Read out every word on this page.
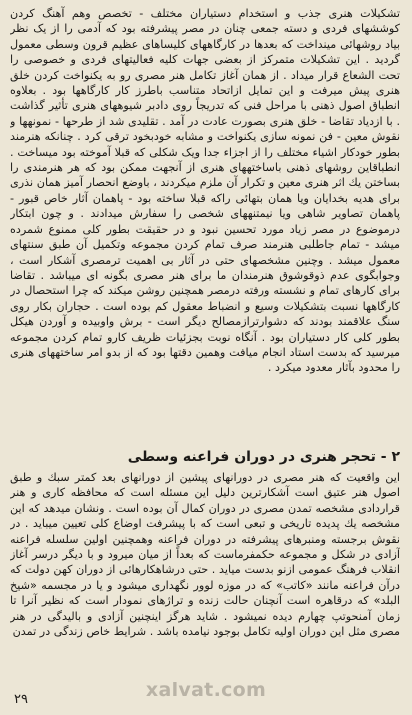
تشکیلات هنری جذب و استخدام دستیاران مختلف - تخصص وهم آهنگ کردن کوششهای فردی و دسته جمعی چنان در مصر پیشرفته بود که آدمی را از یک نظر بیاد روشهائی مینداخت که بعدها در کارگاههای کلیساهای عظیم قرون وسطی معمول گردید . این تشکیلات متمرکز از بعضی جهات کلیه فعالیتهای فردی و خصوصی را تحت الشعاع قرار میداد . از همان آغاز تکامل هنر مصری رو به یکنواخت کردن خلق هنری پیش میرفت و این تمایل ازاتحاد متناسب باطرز کار کارگاهها بود . بعلاوه انطباق اصول ذهنی با مراحل فنی که تدریجاً روی دادبر شیوههای هنری تأثیر گذاشت . با ازدیاد تقاضا - خلق هنری بصورت عادت در آمد . تقلیدی شد از طرحها - نمونهها و نقوش معین - فن نمونه سازی یکنواخت و مشابه خودبخود ترقی کرد . چنانکه هنرمند بطور خودکار اشیاء مختلف را از اجزاء جدا ویک شکلی که قبلا آموخته بود میساخت . انطباقاین روشهای ذهنی باساختههای هنری از آنجهت ممکن بود که هر هنرمندی را بساختن یك اثر هنری معین و تکرار آن ملزم میکردند ، باوضع انحصار آمیز همان نذری برای هدیه بخدایان ویا همان بتهائی راکه قبلا ساخته بود - پاهمان آثار خاص قبور - پاهمان تصاویر شاهی ویا نیمتنههای شخصی را سفارش میدادند . و چون ابتکار درموضوع در مصر زیاد مورد تحسین نبود و در حقیقت بطور کلی ممنوع شمرده میشد - تمام جاطلبی هنرمند صرف تمام کردن مجموعه وتکمیل آن طبق سنتهای معمول میشد . وچنین مشخصهای حتی در آثار بی اهمیت ترمصری آشکار است ، وجوابگوی عدم ذوقوشوق هنرمندان ما برای هنر مصری بگونه ای میباشد . تقاضا برای کارهای تمام و نشسته ورفته درمصر همچنین روشن میکند که چرا استحصال در کارگاهها نسبت بتشکیلات وسیع و انضباط معقول کم بوده است . حجاران بکار روی سنگ علاقمند بودند که دشوارترازمصالح دیگر است - برش واوبیده و آوردن هیکل بطور کلی کار دستیاران بود . آنگاه نوبت بجزئیات ظریف کارو تمام کردن مجموعه میرسید که بدست استاد انجام میافت وهمین دقتها بود که از بدو امر ساختههای هنری را محدود بآثار معدود میکرد .

۲ - تحجر هنری در دوران فراعنه وسطی

این واقعیت که هنر مصری در دورانهای پیشین از دورانهای بعد کمتر سبك و طبق اصول هنر عتیق است آشکارترین دلیل این مسئله است که محافظه کاری و هنر قراردادی مشخصه تمدن مصری در دوران کمال آن بوده است . ونشان میدهد که این مشخصه یك پدیده تاریخی و تبعی است که با پیشرفت اوضاع کلی تعیین میباید . در نقوش برجسته ومنبرهای پیشرفته در دوران فراعنه وهمچنین اولین سلسله فراعنه آزادی در شکل و مجموعه حکمفرماست که بعداً از میان میرود و با دیگر درسر آغاز انقلاب فرهنگ عمومی ازنو بدست میاید . حتی درشاهکارهائی از دوران کهن دولت که درآن فراعنه مانند «کاتب» که در موزه لوور نگهداری میشود و یا در مجسمه «شیخ البلد» که درقاهره است آنچنان حالت زنده و تراژهای نمودار است که نظیر آنرا تا زمان آمنحوتپ چهارم دیده نمیشود . شاید هرگز اینچنین آزادی و بالیدگی در هنر مصری مثل این دوران اولیه تکامل بوجود نیامده باشد . شرایط خاص زندگی در تمدن

۲۹	xalvat.com
